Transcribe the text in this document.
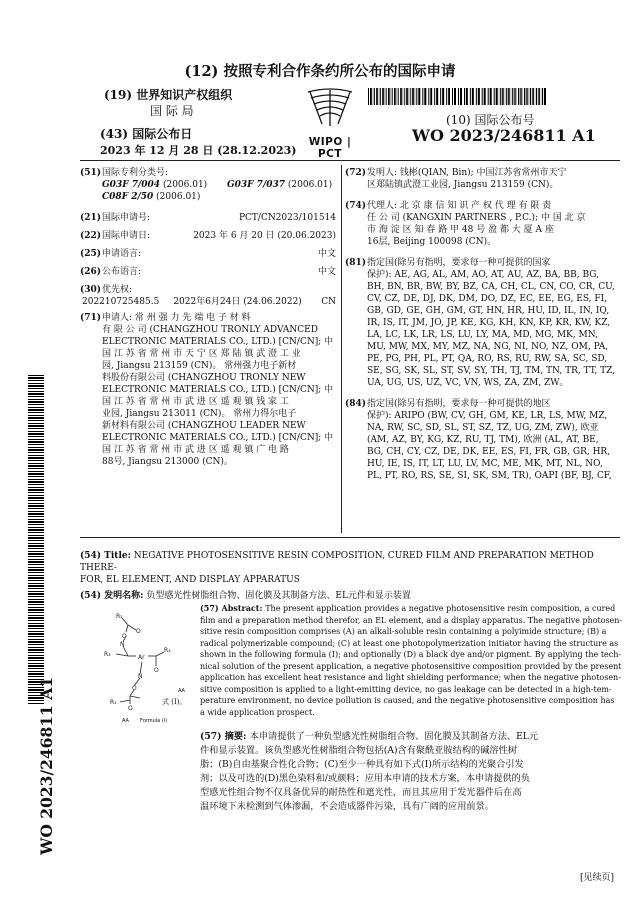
(12) 按照专利合作条约所公布的国际申请
(19) 世界知识产权组织
国 际 局
(43) 国际公布日
2023 年 12 月 28 日 (28.12.2023)
WIPO | PCT
(10) 国际公布号
WO 2023/246811 A1
(51)国际专利分类号:
G03F 7/004 (2006.01) G03F 7/037 (2006.01)
C08F 2/50 (2006.01)
(21) 国际申请号:	PCT/CN2023/101514
(22) 国际申请日:	2023 年 6 月 20 日 (20.06.2023)
(25) 申请语言:	中文
(26) 公布语言:	中文
(30)优先权:
202210725485.5 2022年6月24日 (24.06.2022) CN
(71) 申请人: 常 州 强 力 先 端 电 子 材 料
有 限 公 司 (CHANGZHOU TRONLY ADVANCED
ELECTRONIC MATERIALS CO., LTD.) [CN/CN]; 中
国 江 苏 省 常 州 市 天 宁 区 郑 陆 镇 武 澄 工 业
园, Jiangsu 213159 (CN)。 常州强力电子新材
料股份有限公司 (CHANGZHOU TRONLY NEW
ELECTRONIC MATERIALS CO., LTD.) [CN/CN]; 中
国 江 苏 省 常 州 市 武 进 区 遥 观 镇 钱 家 工
业园, Jiangsu 213011 (CN)。 常州力得尔电子
新材料有限公司 (CHANGZHOU LEADER NEW
ELECTRONIC MATERIALS CO., LTD.) [CN/CN]; 中
国 江 苏 省 常 州 市 武 进 区 遥 观 镇 广 电 路
88号, Jiangsu 213000 (CN)。
(72) 发明人: 钱彬(QIAN, Bin); 中国江苏省常州市天宁
区郑陆镇武澄工业园, Jiangsu 213159 (CN)。
(74) 代理人: 北 京 康 信 知 识 产 权 代 理 有 限 责
任 公 司 (KANGXIN PARTNERS , P.C.); 中 国 北 京
市 海 淀 区 知 春 路 甲 48 号 盈 都 大 厦 A 座
16层, Beijing 100098 (CN)。
(81) 指定国(除另有指明，要求每一种可提供的国家
保护): AE, AG, AL, AM, AO, AT, AU, AZ, BA, BB, BG,
BH, BN, BR, BW, BY, BZ, CA, CH, CL, CN, CO, CR, CU,
CV, CZ, DE, DJ, DK, DM, DO, DZ, EC, EE, EG, ES, FI,
GB, GD, GE, GH, GM, GT, HN, HR, HU, ID, IL, IN, IQ,
IR, IS, IT, JM, JO, JP, KE, KG, KH, KN, KP, KR, KW, KZ,
LA, LC, LK, LR, LS, LU, LY, MA, MD, MG, MK, MN,
MU, MW, MX, MY, MZ, NA, NG, NI, NO, NZ, OM, PA,
PE, PG, PH, PL, PT, QA, RO, RS, RU, RW, SA, SC, SD,
SE, SG, SK, SL, ST, SV, SY, TH, TJ, TM, TN, TR, TT, TZ,
UA, UG, US, UZ, VC, VN, WS, ZA, ZM, ZW。
(84) 指定国(除另有指明，要求每一种可提供的地区
保护): ARIPO (BW, CV, GH, GM, KE, LR, LS, MW, MZ,
NA, RW, SC, SD, SL, ST, SZ, TZ, UG, ZM, ZW), 欧亚
(AM, AZ, BY, KG, KZ, RU, TJ, TM), 欧洲 (AL, AT, BE,
BG, CH, CY, CZ, DE, DK, EE, ES, FI, FR, GB, GR, HR,
HU, IE, IS, IT, LT, LU, LV, MC, ME, MK, MT, NL, NO,
PL, PT, RO, RS, SE, SI, SK, SM, TR), OAPI (BF, BJ, CF,
WO 2023/246811 A1
(54) Title: NEGATIVE PHOTOSENSITIVE RESIN COMPOSITION, CURED FILM AND PREPARATION METHOD THERE-
FOR, EL ELEMENT, AND DISPLAY APPARATUS
(54) 发明名称: 负型感光性树脂组合物、固化膜及其制备方法、EL元件和显示装置
R₂
O
O
N
R₃	Ar
R₃
O
N
O
R₁
O
AA
式 (I)。
AA Formula (I)
(57) Abstract: The present application provides a negative photosensitive resin composition, a cured
film and a preparation method therefor, an EL element, and a display apparatus. The negative photosen-
sitive resin composition comprises (A) an alkali-soluble resin containing a polyimide structure; (B) a
radical polymerizable compound; (C) at least one photopolymerization initiator having the structure as
shown in the following formula (I); and optionally (D) a black dye and/or pigment. By applying the tech-
nical solution of the present application, a negative photosensitive composition provided by the present
application has excellent heat resistance and light shielding performance; when the negative photosen-
sitive composition is applied to a light-emitting device, no gas leakage can be detected in a high-tem-
perature environment, no device pollution is caused, and the negative photosensitive composition has
a wide application prospect.
(57) 摘要: 本申请提供了一种负型感光性树脂组合物、固化膜及其制备方法、EL元
件和显示装置。该负型感光性树脂组合物包括(A)含有聚酰亚胺结构的碱溶性树
脂；(B)自由基聚合性化合物；(C)至少一种具有如下式(I)所示结构的光聚合引发
剂；以及可选的(D)黑色染料和/或颜料；应用本申请的技术方案，本申请提供的负
型感光性组合物不仅具备优异的耐热性和遮光性，而且其应用于发光器件后在高
温环境下未检测到气体渗漏，不会造成器件污染，具有广阔的应用前景。
[见续页]
